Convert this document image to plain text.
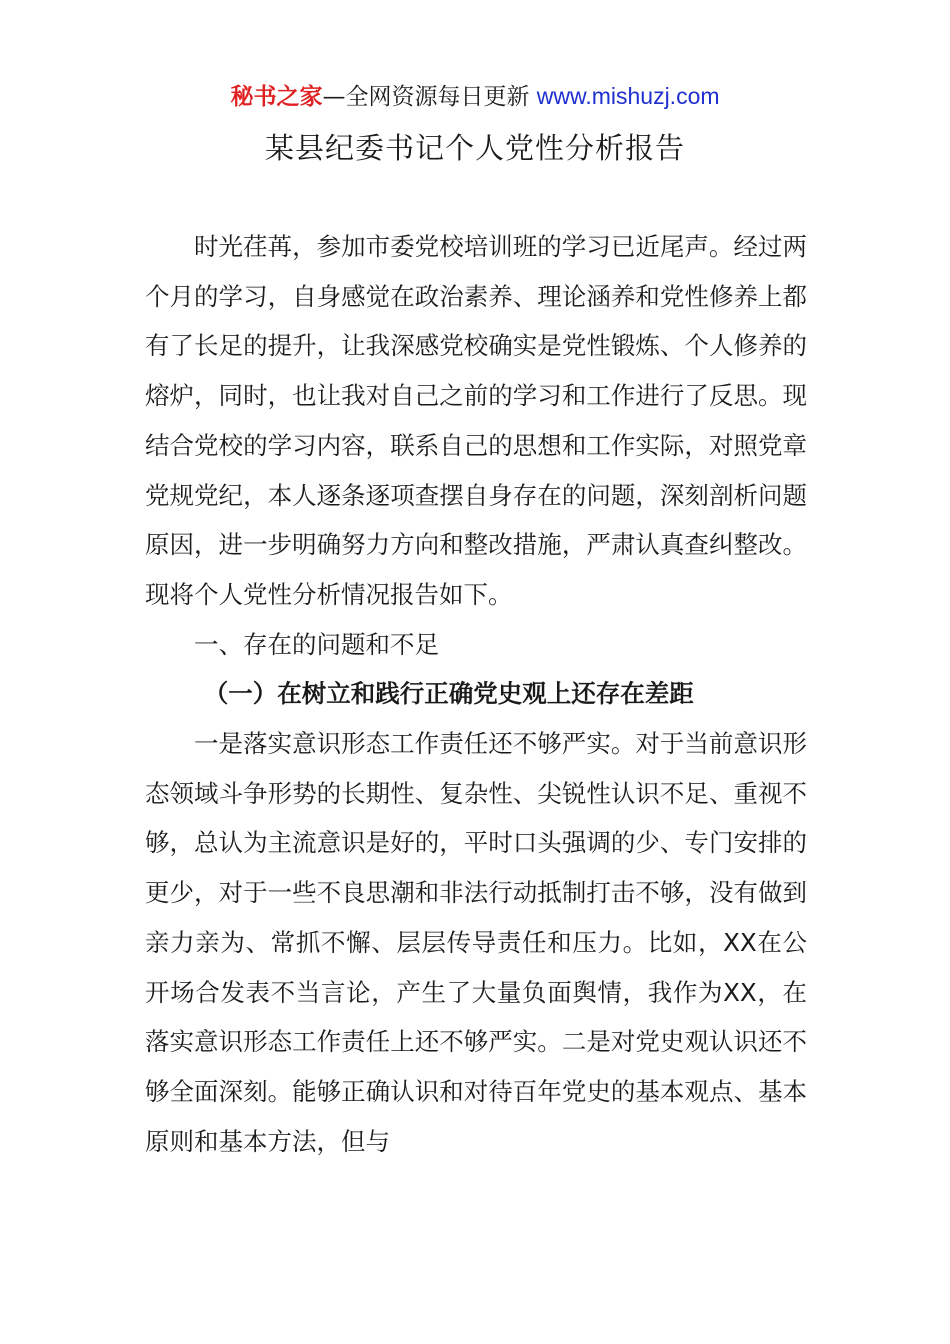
秘书之家—全网资源每日更新 www.mishuzj.com
某县纪委书记个人党性分析报告

时光荏苒，参加市委党校培训班的学习已近尾声。经过两个月的学习，自身感觉在政治素养、理论涵养和党性修养上都有了长足的提升，让我深感党校确实是党性锻炼、个人修养的熔炉，同时，也让我对自己之前的学习和工作进行了反思。现结合党校的学习内容，联系自己的思想和工作实际，对照党章党规党纪，本人逐条逐项查摆自身存在的问题，深刻剖析问题原因，进一步明确努力方向和整改措施，严肃认真查纠整改。现将个人党性分析情况报告如下。

一、存在的问题和不足
（一）在树立和践行正确党史观上还存在差距

一是落实意识形态工作责任还不够严实。对于当前意识形态领域斗争形势的长期性、复杂性、尖锐性认识不足、重视不够，总认为主流意识是好的，平时口头强调的少、专门安排的更少，对于一些不良思潮和非法行动抵制打击不够，没有做到亲力亲为、常抓不懈、层层传导责任和压力。比如，XX在公开场合发表不当言论，产生了大量负面舆情，我作为XX，在落实意识形态工作责任上还不够严实。二是对党史观认识还不够全面深刻。能够正确认识和对待百年党史的基本观点、基本原则和基本方法，但与
